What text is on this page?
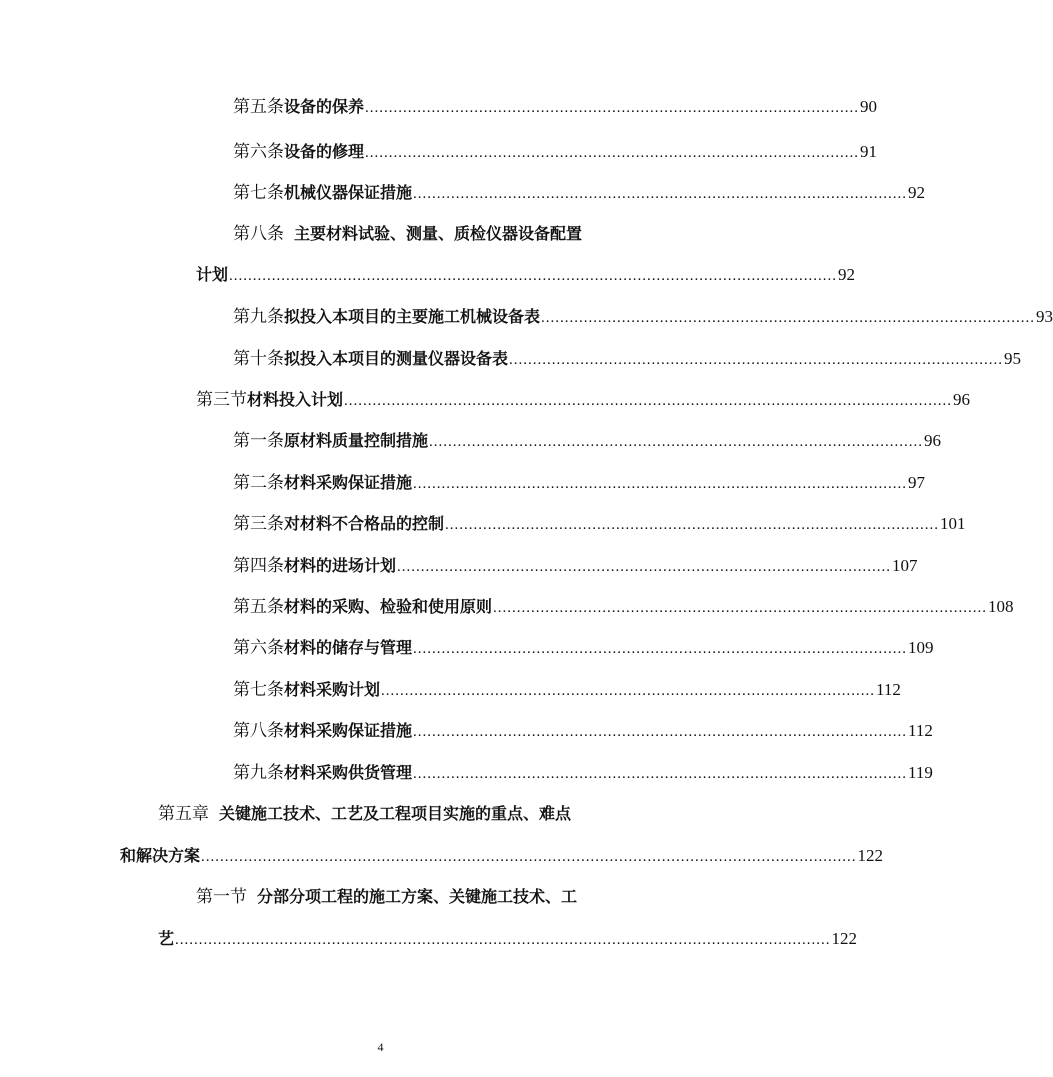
第五条 设备的保养 ........................................................................................................ 90
第六条 设备的修理 ........................................................................................................ 91
第七条 机械仪器保证措施 ........................................................................................................ 92
第八条 主要材料试验、测量、质检仪器设备配置
计划 ................................................................................................................................ 92
第九条 拟投入本项目的主要施工机械设备表 ........................................................................................................ 93
第十条 拟投入本项目的测量仪器设备表 ........................................................................................................ 95
第三节 材料投入计划 ................................................................................................................................ 96
第一条 原材料质量控制措施 ........................................................................................................ 96
第二条 材料采购保证措施 ........................................................................................................ 97
第三条 对材料不合格品的控制 ........................................................................................................ 101
第四条 材料的进场计划 ........................................................................................................ 107
第五条 材料的采购、检验和使用原则 ........................................................................................................ 108
第六条 材料的储存与管理 ........................................................................................................ 109
第七条 材料采购计划 ........................................................................................................ 112
第八条 材料采购保证措施 ........................................................................................................ 112
第九条 材料采购供货管理 ........................................................................................................ 119
第五章 关键施工技术、工艺及工程项目实施的重点、难点
和解决方案 .......................................................................................................................................... 122
第一节 分部分项工程的施工方案、关键施工技术、工
艺 .......................................................................................................................................... 122
4
